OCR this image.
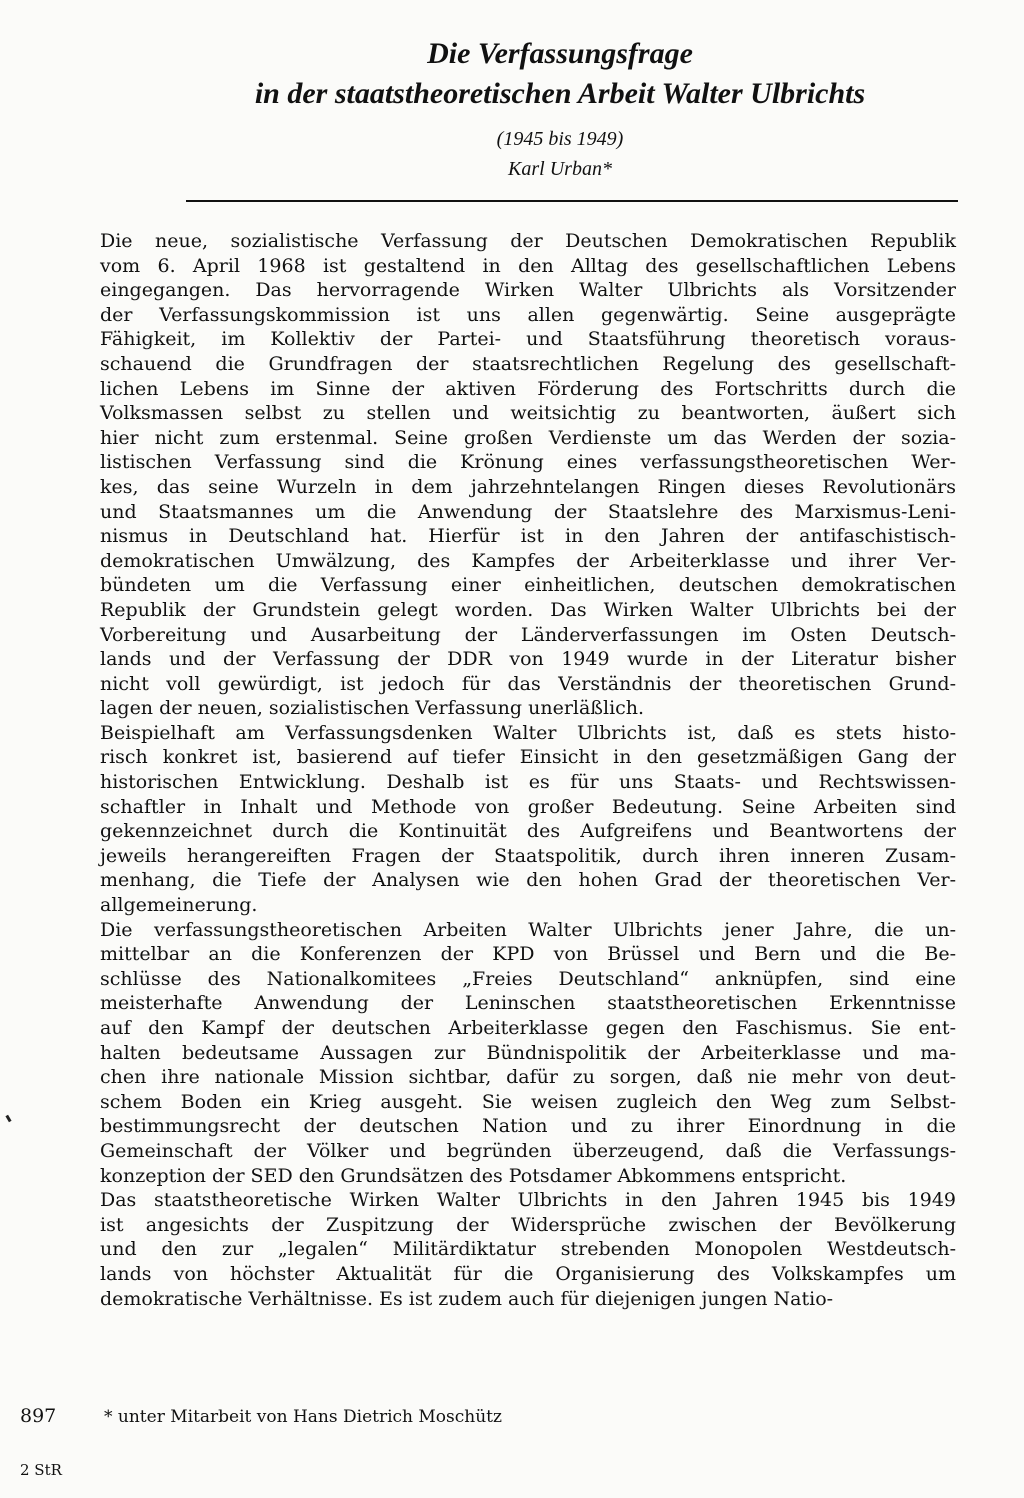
Die Verfassungsfrage
in der staatstheoretischen Arbeit Walter Ulbrichts
(1945 bis 1949)
Karl Urban*
Die neue, sozialistische Verfassung der Deutschen Demokratischen Republik
vom 6. April 1968 ist gestaltend in den Alltag des gesellschaftlichen Lebens
eingegangen. Das hervorragende Wirken Walter Ulbrichts als Vorsitzender
der Verfassungskommission ist uns allen gegenwärtig. Seine ausgeprägte
Fähigkeit, im Kollektiv der Partei- und Staatsführung theoretisch voraus-
schauend die Grundfragen der staatsrechtlichen Regelung des gesellschaft-
lichen Lebens im Sinne der aktiven Förderung des Fortschritts durch die
Volksmassen selbst zu stellen und weitsichtig zu beantworten, äußert sich
hier nicht zum erstenmal. Seine großen Verdienste um das Werden der sozia-
listischen Verfassung sind die Krönung eines verfassungstheoretischen Wer-
kes, das seine Wurzeln in dem jahrzehntelangen Ringen dieses Revolutionärs
und Staatsmannes um die Anwendung der Staatslehre des Marxismus-Leni-
nismus in Deutschland hat. Hierfür ist in den Jahren der antifaschistisch-
demokratischen Umwälzung, des Kampfes der Arbeiterklasse und ihrer Ver-
bündeten um die Verfassung einer einheitlichen, deutschen demokratischen
Republik der Grundstein gelegt worden. Das Wirken Walter Ulbrichts bei der
Vorbereitung und Ausarbeitung der Länderverfassungen im Osten Deutsch-
lands und der Verfassung der DDR von 1949 wurde in der Literatur bisher
nicht voll gewürdigt, ist jedoch für das Verständnis der theoretischen Grund-
lagen der neuen, sozialistischen Verfassung unerläßlich.
Beispielhaft am Verfassungsdenken Walter Ulbrichts ist, daß es stets histo-
risch konkret ist, basierend auf tiefer Einsicht in den gesetzmäßigen Gang der
historischen Entwicklung. Deshalb ist es für uns Staats- und Rechtswissen-
schaftler in Inhalt und Methode von großer Bedeutung. Seine Arbeiten sind
gekennzeichnet durch die Kontinuität des Aufgreifens und Beantwortens der
jeweils herangereiften Fragen der Staatspolitik, durch ihren inneren Zusam-
menhang, die Tiefe der Analysen wie den hohen Grad der theoretischen Ver-
allgemeinerung.
Die verfassungstheoretischen Arbeiten Walter Ulbrichts jener Jahre, die un-
mittelbar an die Konferenzen der KPD von Brüssel und Bern und die Be-
schlüsse des Nationalkomitees „Freies Deutschland“ anknüpfen, sind eine
meisterhafte Anwendung der Leninschen staatstheoretischen Erkenntnisse
auf den Kampf der deutschen Arbeiterklasse gegen den Faschismus. Sie ent-
halten bedeutsame Aussagen zur Bündnispolitik der Arbeiterklasse und ma-
chen ihre nationale Mission sichtbar, dafür zu sorgen, daß nie mehr von deut-
schem Boden ein Krieg ausgeht. Sie weisen zugleich den Weg zum Selbst-
bestimmungsrecht der deutschen Nation und zu ihrer Einordnung in die
Gemeinschaft der Völker und begründen überzeugend, daß die Verfassungs-
konzeption der SED den Grundsätzen des Potsdamer Abkommens entspricht.
Das staatstheoretische Wirken Walter Ulbrichts in den Jahren 1945 bis 1949
ist angesichts der Zuspitzung der Widersprüche zwischen der Bevölkerung
und den zur „legalen“ Militärdiktatur strebenden Monopolen Westdeutsch-
lands von höchster Aktualität für die Organisierung des Volkskampfes um
demokratische Verhältnisse. Es ist zudem auch für diejenigen jungen Natio-
897	* unter Mitarbeit von Hans Dietrich Moschütz
2 StR
